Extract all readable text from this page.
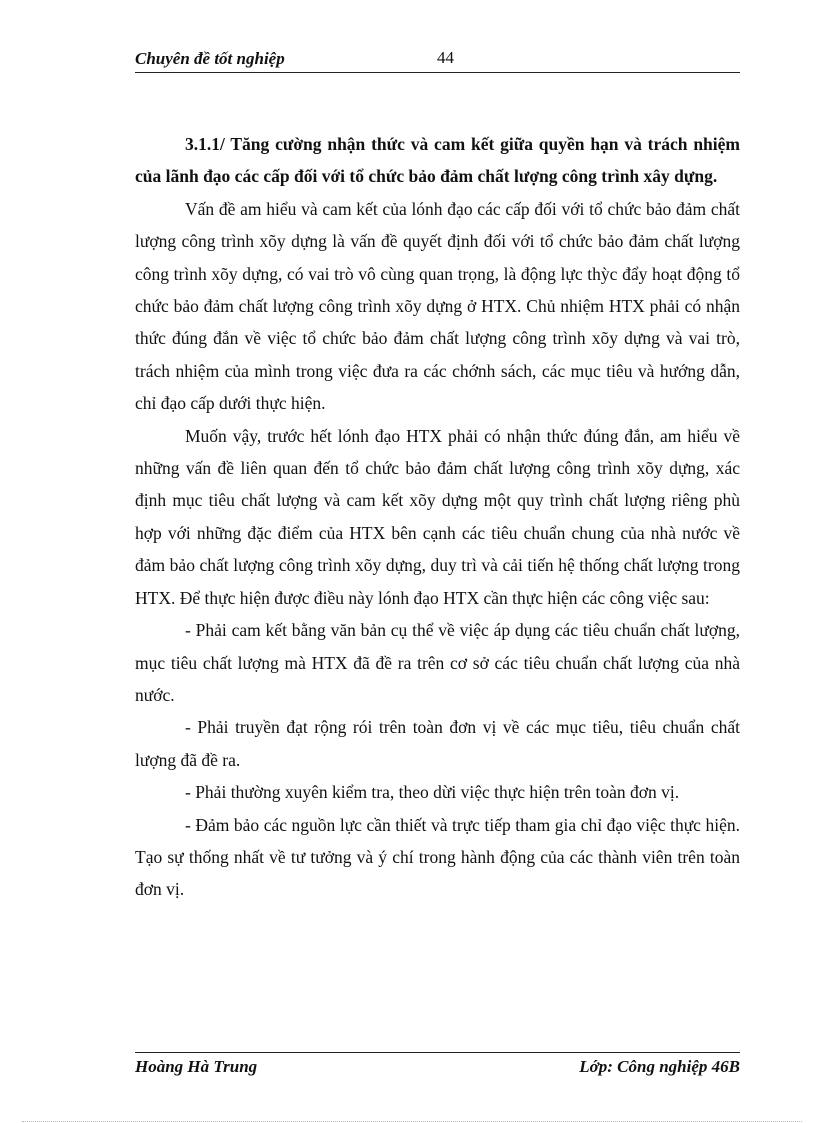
Chuyên đề tốt nghiệp	44

3.1.1/ Tăng cường nhận thức và cam kết giữa quyền hạn và trách nhiệm của lãnh đạo các cấp đối với tổ chức bảo đảm chất lượng công trình xây dựng.

Vấn đề am hiểu và cam kết của lónh đạo các cấp đối với tổ chức bảo đảm chất lượng công trình xõy dựng là vấn đề quyết định đối với tổ chức bảo đảm chất lượng công trình xõy dựng, có vai trò vô cùng quan trọng, là động lực thỳc đẩy hoạt động tổ chức bảo đảm chất lượng công trình xõy dựng ở HTX. Chủ nhiệm HTX phải có nhận thức đúng đắn về việc tổ chức bảo đảm chất lượng công trình xõy dựng và vai trò, trách nhiệm của mình trong việc đưa ra các chớnh sách, các mục tiêu và hướng dẫn, chỉ đạo cấp dưới thực hiện.

Muốn vậy, trước hết lónh đạo HTX phải có nhận thức đúng đắn, am hiểu về những vấn đề liên quan đến tổ chức bảo đảm chất lượng công trình xõy dựng, xác định mục tiêu chất lượng và cam kết xõy dựng một quy trình chất lượng riêng phù hợp với những đặc điểm của HTX bên cạnh các tiêu chuẩn chung của nhà nước về đảm bảo chất lượng công trình xõy dựng, duy trì và cải tiến hệ thống chất lượng trong HTX. Để thực hiện được điều này lónh đạo HTX cần thực hiện các công việc sau:

- Phải cam kết bằng văn bản cụ thể về việc áp dụng các tiêu chuẩn chất lượng, mục tiêu chất lượng mà HTX đã đề ra trên cơ sở các tiêu chuẩn chất lượng của nhà nước.

- Phải truyền đạt rộng rói trên toàn đơn vị về các mục tiêu, tiêu chuẩn chất lượng đã đề ra.

- Phải thường xuyên kiểm tra, theo dừi việc thực hiện trên toàn đơn vị.

- Đảm bảo các nguồn lực cần thiết và trực tiếp tham gia chỉ đạo việc thực hiện. Tạo sự thống nhất về tư tưởng và ý chí trong hành động của các thành viên trên toàn đơn vị.

Hoàng Hà Trung	Lớp: Công nghiệp 46B
